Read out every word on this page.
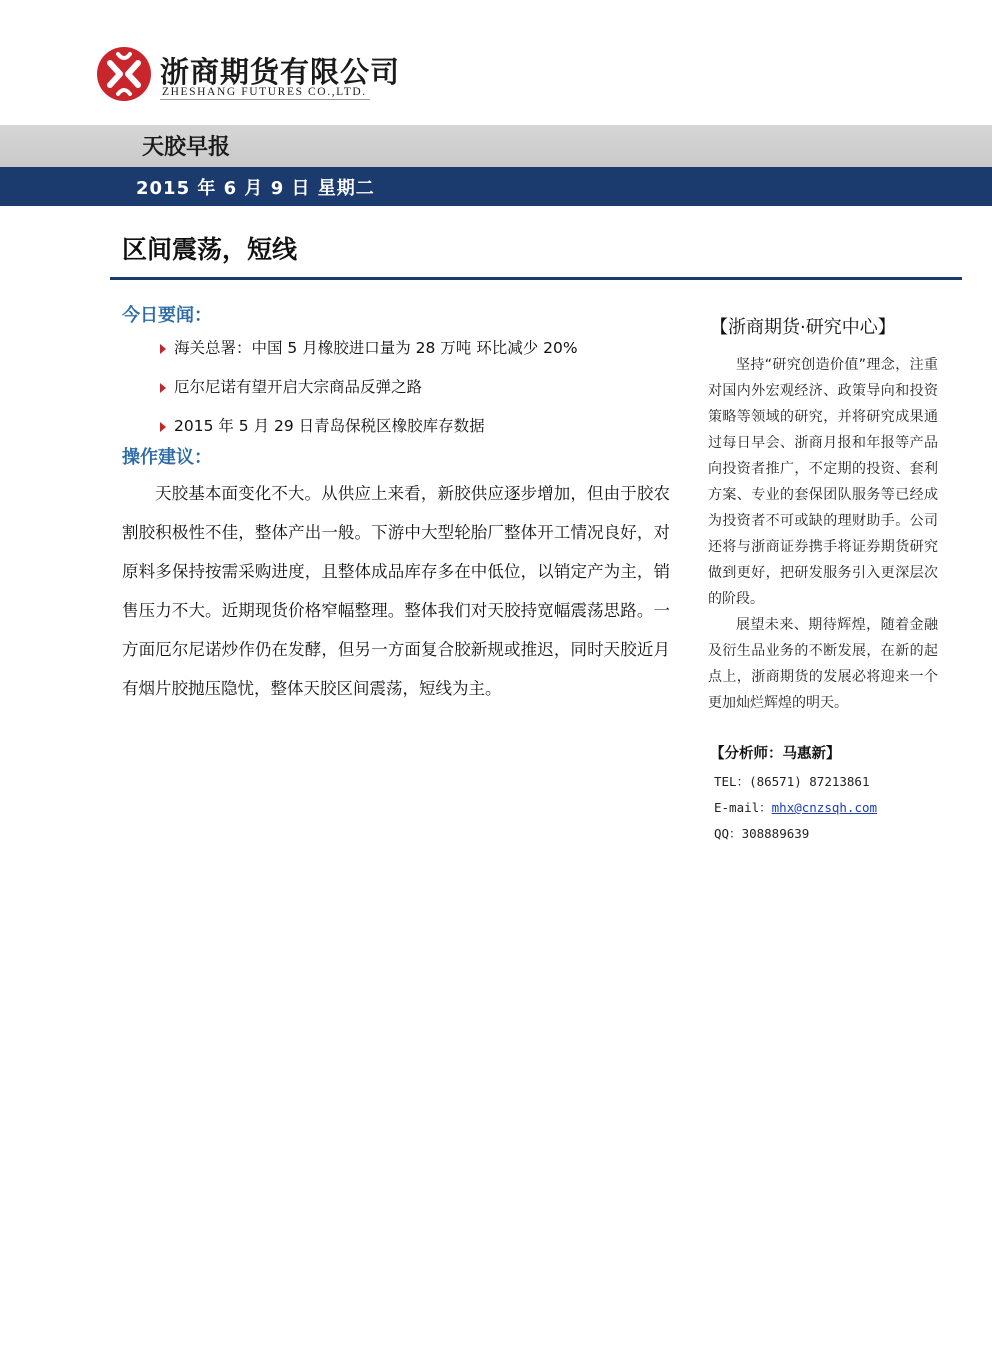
浙商期货有限公司
ZHESHANG FUTURES CO.,LTD.
天胶早报
2015 年 6 月 9 日 星期二
区间震荡，短线
今日要闻：
海关总署：中国 5 月橡胶进口量为 28 万吨 环比减少 20%
厄尔尼诺有望开启大宗商品反弹之路
2015 年 5 月 29 日青岛保税区橡胶库存数据
操作建议：

天胶基本面变化不大。从供应上来看，新胶供应逐步增加，但由于胶农割胶积极性不佳，整体产出一般。下游中大型轮胎厂整体开工情况良好，对原料多保持按需采购进度，且整体成品库存多在中低位，以销定产为主，销售压力不大。近期现货价格窄幅整理。整体我们对天胶持宽幅震荡思路。一方面厄尔尼诺炒作仍在发酵，但另一方面复合胶新规或推迟，同时天胶近月有烟片胶抛压隐忧，整体天胶区间震荡，短线为主。

【浙商期货·研究中心】

坚持“研究创造价值”理念，注重对国内外宏观经济、政策导向和投资策略等领域的研究，并将研究成果通过每日早会、浙商月报和年报等产品向投资者推广，不定期的投资、套利方案、专业的套保团队服务等已经成为投资者不可或缺的理财助手。公司还将与浙商证券携手将证券期货研究做到更好，把研发服务引入更深层次的阶段。

展望未来、期待辉煌，随着金融及衍生品业务的不断发展，在新的起点上，浙商期货的发展必将迎来一个更加灿烂辉煌的明天。

【分析师：马惠新】
TEL：(86571) 87213861
E-mail：mhx@cnzsqh.com
QQ：308889639
